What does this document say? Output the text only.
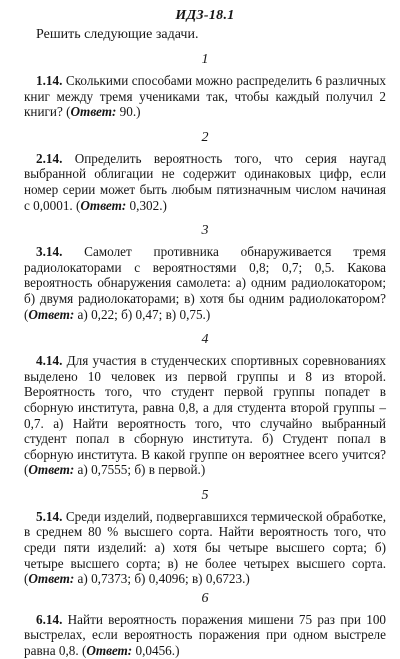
ИДЗ-18.1
Решить следующие задачи.
1

1.14. Сколькими способами можно распределить 6 различных книг между тремя учениками так, чтобы каждый получил 2 книги? (Ответ: 90.)

2

2.14. Определить вероятность того, что серия наугад выбранной облигации не содержит одинаковых цифр, если номер серии может быть любым пятизначным числом начиная с 0,0001. (Ответ: 0,302.)

3

3.14. Самолет противника обнаруживается тремя радиолокаторами с вероятностями 0,8; 0,7; 0,5. Какова вероятность обнаружения самолета: а) одним радиолокатором; б) двумя радиолокаторами; в) хотя бы одним радиолокатором? (Ответ: а) 0,22; б) 0,47; в) 0,75.)

4

4.14. Для участия в студенческих спортивных соревнованиях выделено 10 человек из первой группы и 8 из второй. Вероятность того, что студент первой группы попадет в сборную института, равна 0,8, а для студента второй группы – 0,7. а) Найти вероятность того, что случайно выбранный студент попал в сборную института. б) Студент попал в сборную института. В какой группе он вероятнее всего учится? (Ответ: а) 0,7555; б) в первой.)

5

5.14. Среди изделий, подвергавшихся термической обработке, в среднем 80 % высшего сорта. Найти вероятность того, что среди пяти изделий: а) хотя бы четыре высшего сорта; б) четыре высшего сорта; в) не более четырех высшего сорта. (Ответ: а) 0,7373; б) 0,4096; в) 0,6723.)

6

6.14. Найти вероятность поражения мишени 75 раз при 100 выстрелах, если вероятность поражения при одном выстреле равна 0,8. (Ответ: 0,0456.)
